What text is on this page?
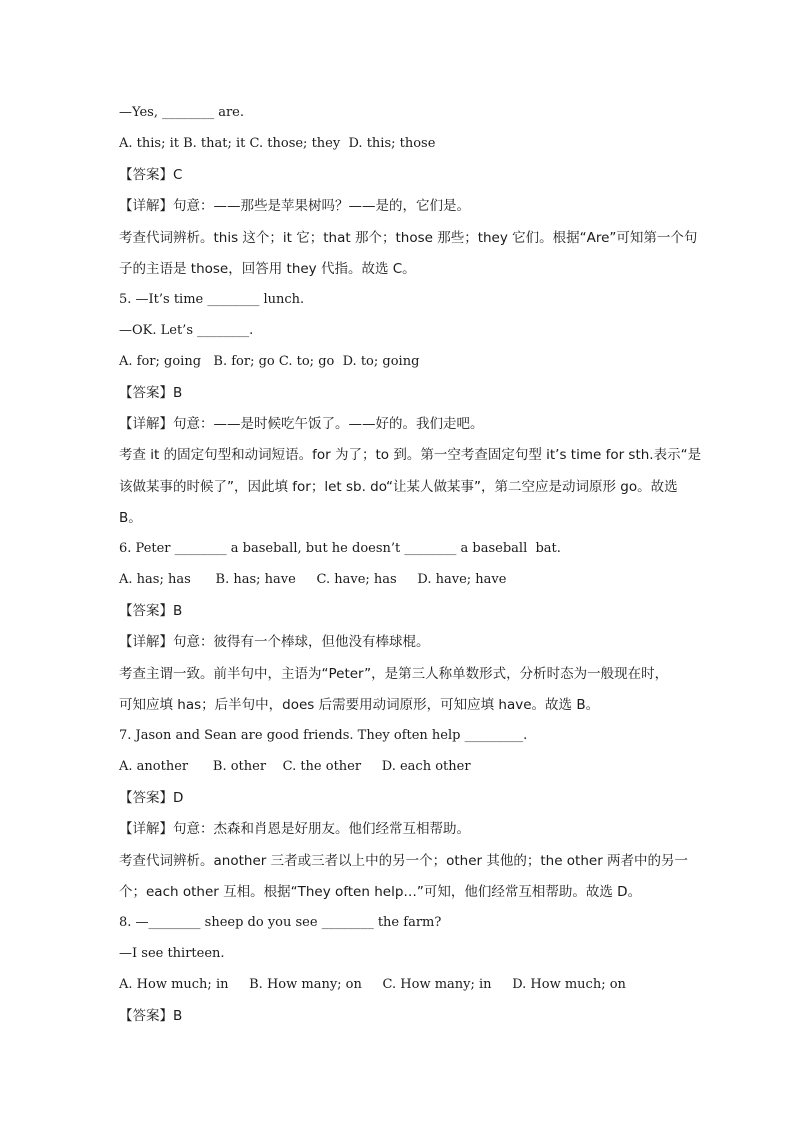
—Yes, ________ are.
A. this; it B. that; it C. those; they  D. this; those
【答案】C
【详解】句意：——那些是苹果树吗？——是的，它们是。
考查代词辨析。this 这个；it 它；that 那个；those 那些；they 它们。根据“Are”可知第一个句
子的主语是 those，回答用 they 代指。故选 C。
5. —It’s time ________ lunch.
—OK. Let’s ________.
A. for; going   B. for; go C. to; go  D. to; going
【答案】B
【详解】句意：——是时候吃午饭了。——好的。我们走吧。
考查 it 的固定句型和动词短语。for 为了；to 到。第一空考查固定句型 it’s time for sth.表示“是
该做某事的时候了”，因此填 for；let sb. do“让某人做某事”，第二空应是动词原形 go。故选
B。
6. Peter ________ a baseball, but he doesn’t ________ a baseball  bat.
A. has; has      B. has; have     C. have; has     D. have; have
【答案】B
【详解】句意：彼得有一个棒球，但他没有棒球棍。
考查主谓一致。前半句中，主语为“Peter”，是第三人称单数形式，分析时态为一般现在时，
可知应填 has；后半句中，does 后需要用动词原形，可知应填 have。故选 B。
7. Jason and Sean are good friends. They often help _________.
A. another      B. other    C. the other     D. each other
【答案】D
【详解】句意：杰森和肖恩是好朋友。他们经常互相帮助。
考查代词辨析。another 三者或三者以上中的另一个；other 其他的；the other 两者中的另一
个；each other 互相。根据“They often help…”可知，他们经常互相帮助。故选 D。
8. —________ sheep do you see ________ the farm?
—I see thirteen.
A. How much; in     B. How many; on     C. How many; in     D. How much; on
【答案】B
